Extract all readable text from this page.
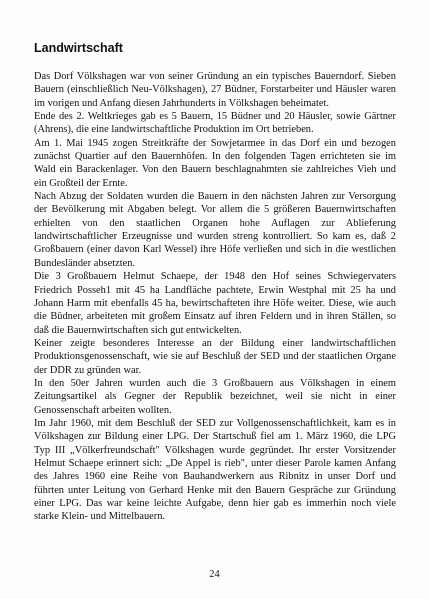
Landwirtschaft

Das Dorf Völkshagen war von seiner Gründung an ein typisches Bauerndorf. Sieben Bauern (einschließlich Neu-Völkshagen), 27 Büdner, Forstarbeiter und Häusler waren im vorigen und Anfang diesen Jahrhunderts in Völkshagen beheimatet.

Ende des 2. Weltkrieges gab es 5 Bauern, 15 Büdner und 20 Häusler, sowie Gärtner (Ahrens), die eine landwirtschaftliche Produktion im Ort betrieben.

Am 1. Mai 1945 zogen Streitkräfte der Sowjetarmee in das Dorf ein und bezogen zunächst Quartier auf den Bauernhöfen. In den folgenden Tagen errichteten sie im Wald ein Barackenlager. Von den Bauern beschlagnahmten sie zahlreiches Vieh und ein Großteil der Ernte.

Nach Abzug der Soldaten wurden die Bauern in den nächsten Jahren zur Versorgung der Bevölkerung mit Abgaben belegt. Vor allem die 5 größeren Bauernwirtschaften erhielten von den staatlichen Organen hohe Auflagen zur Ablieferung landwirtschaftlicher Erzeugnisse und wurden streng kontrolliert. So kam es, daß 2 Großbauern (einer davon Karl Wessel) ihre Höfe verließen und sich in die westlichen Bundesländer absetzten.

Die 3 Großbauern Helmut Schaepe, der 1948 den Hof seines Schwiegervaters Friedrich Posseh1 mit 45 ha Landfläche pachtete, Erwin Westphal mit 25 ha und Johann Harm mit ebenfalls 45 ha, bewirtschafteten ihre Höfe weiter. Diese, wie auch die Büdner, arbeiteten mit großem Einsatz auf ihren Feldern und in ihren Ställen, so daß die Bauernwirtschaften sich gut entwickelten.

Keiner zeigte besonderes Interesse an der Bildung einer landwirtschaftlichen Produktionsgenossenschaft, wie sie auf Beschluß der SED und der staatlichen Organe der DDR zu gründen war.

In den 50er Jahren wurden auch die 3 Großbauern aus Völkshagen in einem Zeitungsartikel als Gegner der Republik bezeichnet, weil sie nicht in einer Genossenschaft arbeiten wollten.

Im Jahr 1960, mit dem Beschluß der SED zur Vollgenossenschaftlichkeit, kam es in Völkshagen zur Bildung einer LPG. Der Startschuß fiel am 1. März 1960, die LPG Typ III „Völkerfreundschaft" Völkshagen wurde gegründet. Ihr erster Vorsitzender Helmut Schaepe erinnert sich: „De Appel is rieb", unter dieser Parole kamen Anfang des Jahres 1960 eine Reihe von Bauhandwerkern aus Ribnitz in unser Dorf und führten unter Leitung von Gerhard Henke mit den Bauern Gespräche zur Gründung einer LPG. Das war keine leichte Aufgabe, denn hier gab es immerhin noch viele starke Klein- und Mittelbauern.

24
